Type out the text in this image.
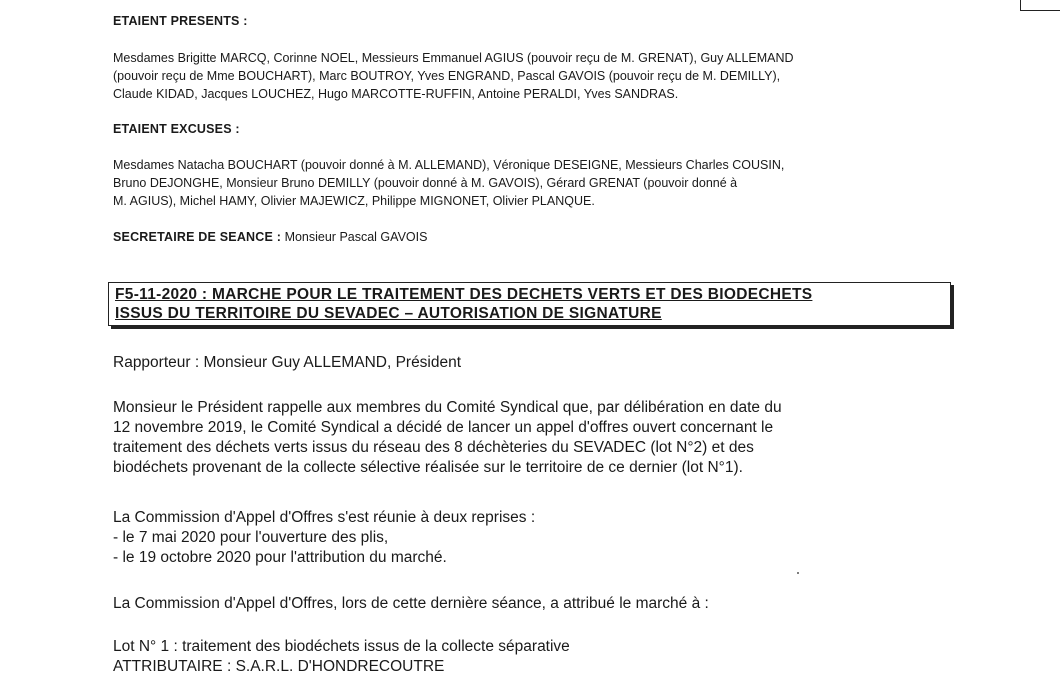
ETAIENT PRESENTS :
Mesdames Brigitte MARCQ, Corinne NOEL, Messieurs Emmanuel AGIUS (pouvoir reçu de M. GRENAT), Guy ALLEMAND
(pouvoir reçu de Mme BOUCHART), Marc BOUTROY, Yves ENGRAND, Pascal GAVOIS (pouvoir reçu de M. DEMILLY),
Claude KIDAD, Jacques LOUCHEZ, Hugo MARCOTTE-RUFFIN, Antoine PERALDI, Yves SANDRAS.
ETAIENT EXCUSES :
Mesdames Natacha BOUCHART (pouvoir donné à M. ALLEMAND), Véronique DESEIGNE, Messieurs Charles COUSIN,
Bruno DEJONGHE, Monsieur Bruno DEMILLY (pouvoir donné à M. GAVOIS), Gérard GRENAT (pouvoir donné à
M. AGIUS), Michel HAMY, Olivier MAJEWICZ, Philippe MIGNONET, Olivier PLANQUE.
SECRETAIRE DE SEANCE : Monsieur Pascal GAVOIS
F5-11-2020 : MARCHE POUR LE TRAITEMENT DES DECHETS VERTS ET DES BIODECHETS
ISSUS DU TERRITOIRE DU SEVADEC – AUTORISATION DE SIGNATURE
Rapporteur : Monsieur Guy ALLEMAND, Président
Monsieur le Président rappelle aux membres du Comité Syndical que, par délibération en date du
12 novembre 2019, le Comité Syndical a décidé de lancer un appel d'offres ouvert concernant le
traitement des déchets verts issus du réseau des 8 déchèteries du SEVADEC (lot N°2) et des
biodéchets provenant de la collecte sélective réalisée sur le territoire de ce dernier (lot N°1).
La Commission d'Appel d'Offres s'est réunie à deux reprises :
- le 7 mai 2020 pour l'ouverture des plis,
- le 19 octobre 2020 pour l'attribution du marché.
La Commission d'Appel d'Offres, lors de cette dernière séance, a attribué le marché à :
Lot N° 1 : traitement des biodéchets issus de la collecte séparative
ATTRIBUTAIRE : S.A.R.L. D'HONDRECOUTRE
